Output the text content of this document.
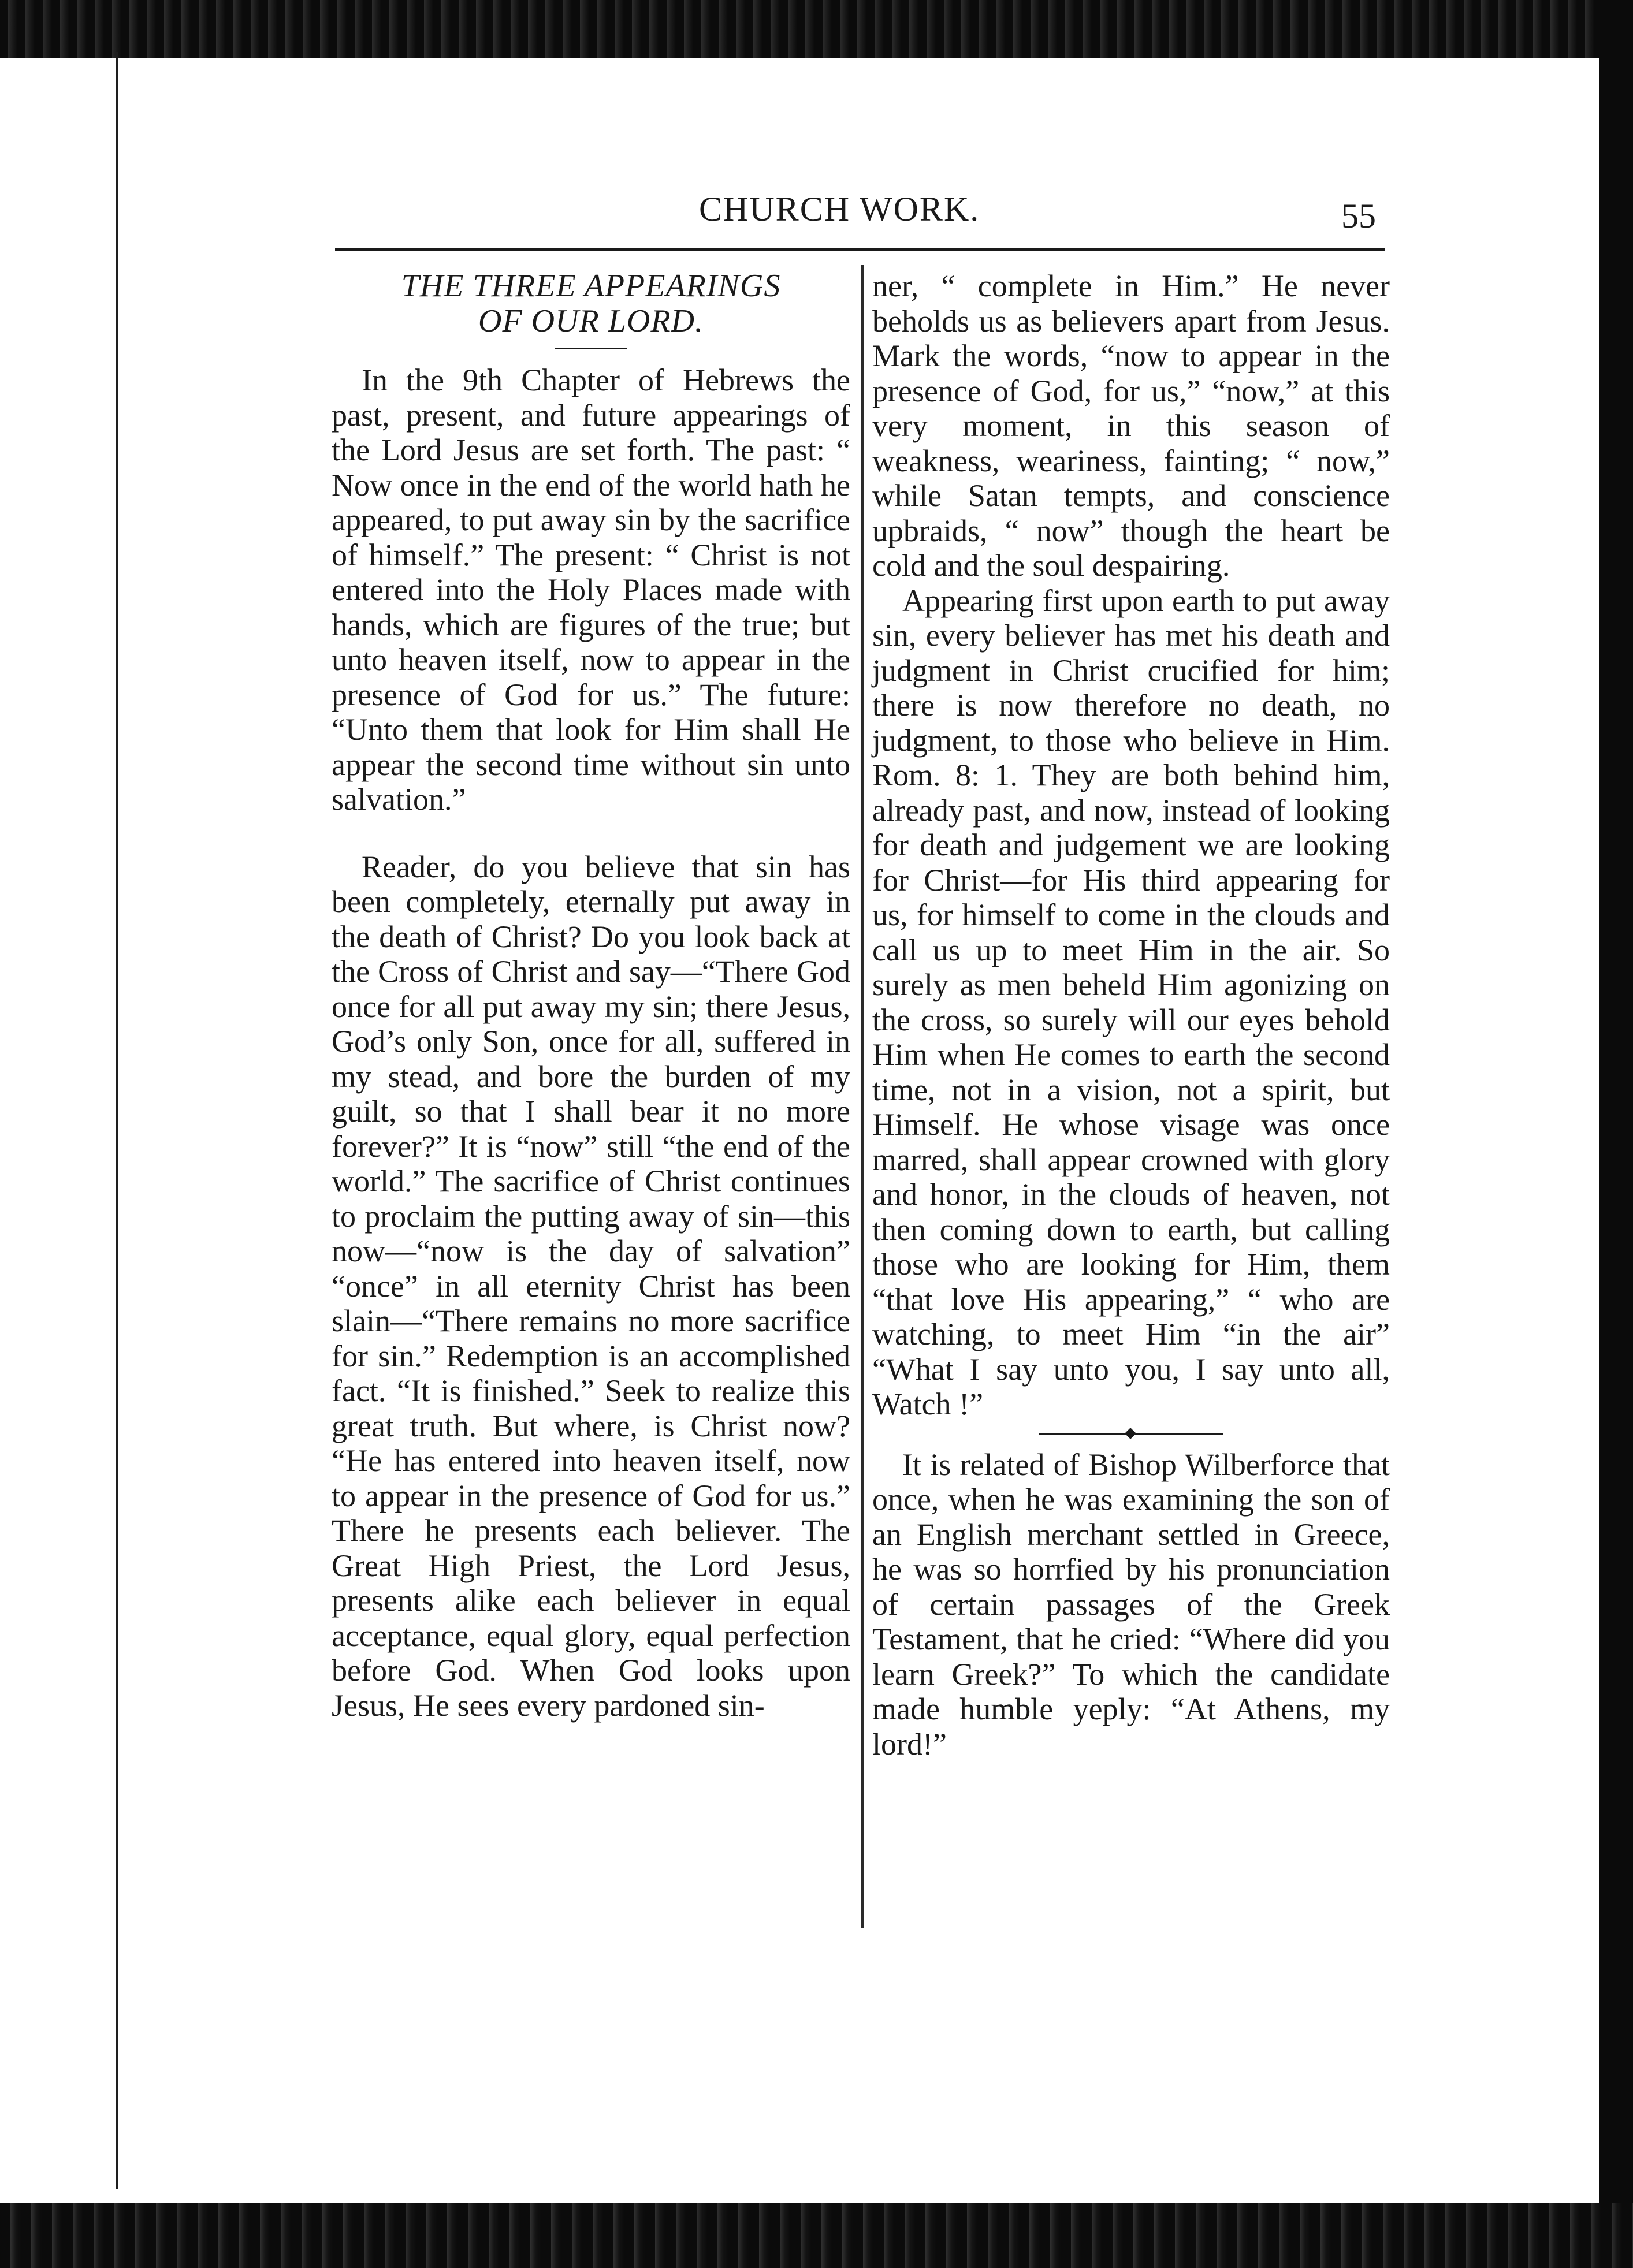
CHURCH WORK.	55
THE THREE APPEARINGS
OF OUR LORD.

In the 9th Chapter of Hebrews the past, present, and future appearings of the Lord Jesus are set forth. The past: “ Now once in the end of the world hath he appeared, to put away sin by the sacrifice of himself.” The present: “ Christ is not entered into the Holy Places made with hands, which are figures of the true; but unto heaven itself, now to appear in the presence of God for us.” The future: “Unto them that look for Him shall He appear the second time without sin unto salvation.”

Reader, do you believe that sin has been completely, eternally put away in the death of Christ? Do you look back at the Cross of Christ and say—“There God once for all put away my sin; there Jesus, God’s only Son, once for all, suffered in my stead, and bore the burden of my guilt, so that I shall bear it no more forever?” It is “now” still “the end of the world.” The sacrifice of Christ continues to proclaim the putting away of sin—this now—“now is the day of salvation” “once” in all eternity Christ has been slain—“There remains no more sacrifice for sin.” Redemption is an accomplished fact. “It is finished.” Seek to realize this great truth. But where, is Christ now? “He has entered into heaven itself, now to appear in the presence of God for us.” There he presents each believer. The Great High Priest, the Lord Jesus, presents alike each believer in equal acceptance, equal glory, equal perfection before God. When God looks upon Jesus, He sees every pardoned sin-

ner, “ complete in Him.” He never beholds us as believers apart from Jesus. Mark the words, “now to appear in the presence of God, for us,” “now,” at this very moment, in this season of weakness, weariness, fainting; “ now,” while Satan tempts, and conscience upbraids, “ now” though the heart be cold and the soul despairing.

Appearing first upon earth to put away sin, every believer has met his death and judgment in Christ crucified for him; there is now therefore no death, no judgment, to those who believe in Him. Rom. 8: 1. They are both behind him, already past, and now, instead of looking for death and judgement we are looking for Christ—for His third appearing for us, for himself to come in the clouds and call us up to meet Him in the air. So surely as men beheld Him agonizing on the cross, so surely will our eyes behold Him when He comes to earth the second time, not in a vision, not a spirit, but Himself. He whose visage was once marred, shall appear crowned with glory and honor, in the clouds of heaven, not then coming down to earth, but calling those who are looking for Him, them “that love His appearing,” “ who are watching, to meet Him “in the air” “What I say unto you, I say unto all, Watch !”

It is related of Bishop Wilberforce that once, when he was examining the son of an English merchant settled in Greece, he was so horrfied by his pronunciation of certain passages of the Greek Testament, that he cried: “Where did you learn Greek?” To which the candidate made humble yeply: “At Athens, my lord!”
